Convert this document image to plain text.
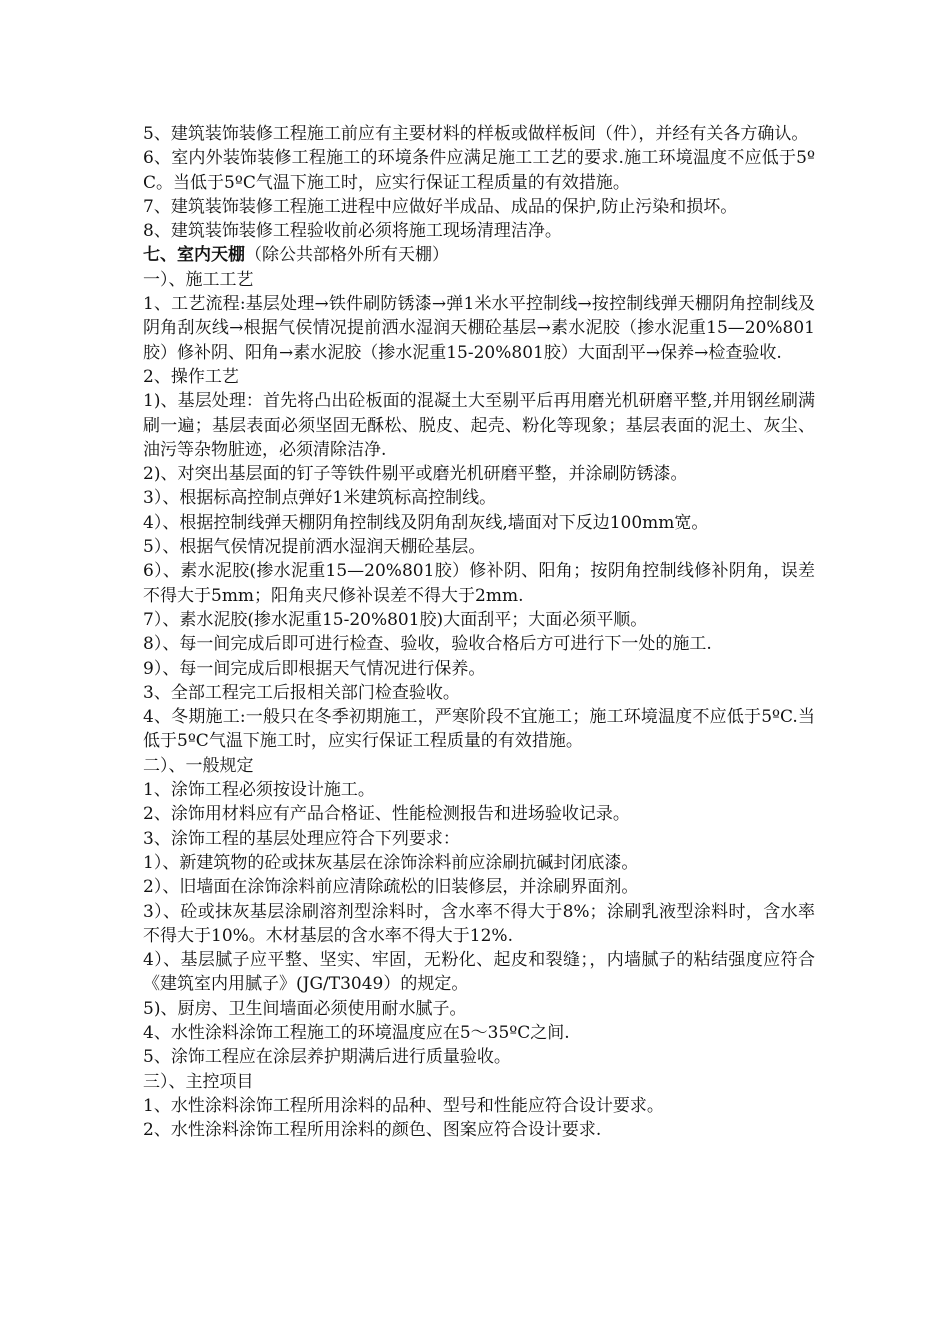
5、建筑装饰装修工程施工前应有主要材料的样板或做样板间（件），并经有关各方确认。

6、室内外装饰装修工程施工的环境条件应满足施工工艺的要求.施工环境温度不应低于5ºC。当低于5ºC气温下施工时，应实行保证工程质量的有效措施。

7、建筑装饰装修工程施工进程中应做好半成品、成品的保护,防止污染和损坏。

8、建筑装饰装修工程验收前必须将施工现场清理洁净。

七、室内天棚（除公共部格外所有天棚）

一）、施工工艺

1、工艺流程:基层处理→铁件刷防锈漆→弹1米水平控制线→按控制线弹天棚阴角控制线及阴角刮灰线→根据气侯情况提前洒水湿润天棚砼基层→素水泥胶（掺水泥重15—20%801胶）修补阴、阳角→素水泥胶（掺水泥重15-20%801胶）大面刮平→保养→检查验收.

2、操作工艺

1)、基层处理：首先将凸出砼板面的混凝土大至剔平后再用磨光机研磨平整,并用钢丝刷满刷一遍；基层表面必须坚固无酥松、脱皮、起壳、粉化等现象；基层表面的泥土、灰尘、油污等杂物脏迹，必须清除洁净.

2)、对突出基层面的钉子等铁件剔平或磨光机研磨平整，并涂刷防锈漆。

3）、根据标高控制点弹好1米建筑标高控制线。

4）、根据控制线弹天棚阴角控制线及阴角刮灰线,墙面对下反边100mm宽。

5）、根据气侯情况提前洒水湿润天棚砼基层。

6）、素水泥胶(掺水泥重15—20%801胶）修补阴、阳角；按阴角控制线修补阴角，误差不得大于5mm；阳角夹尺修补误差不得大于2mm.

7）、素水泥胶(掺水泥重15-20%801胶)大面刮平；大面必须平顺。

8）、每一间完成后即可进行检查、验收，验收合格后方可进行下一处的施工.

9）、每一间完成后即根据天气情况进行保养。

3、全部工程完工后报相关部门检查验收。

4、冬期施工:一般只在冬季初期施工，严寒阶段不宜施工；施工环境温度不应低于5ºC.当低于5ºC气温下施工时，应实行保证工程质量的有效措施。

二）、一般规定

1、涂饰工程必须按设计施工。

2、涂饰用材料应有产品合格证、性能检测报告和进场验收记录。

3、涂饰工程的基层处理应符合下列要求：

1）、新建筑物的砼或抹灰基层在涂饰涂料前应涂刷抗碱封闭底漆。

2）、旧墙面在涂饰涂料前应清除疏松的旧装修层，并涂刷界面剂。

3）、砼或抹灰基层涂刷溶剂型涂料时，含水率不得大于8%；涂刷乳液型涂料时，含水率不得大于10%。木材基层的含水率不得大于12%.

4）、基层腻子应平整、坚实、牢固，无粉化、起皮和裂缝；，内墙腻子的粘结强度应符合《建筑室内用腻子》(JG/T3049）的规定。

5)、厨房、卫生间墙面必须使用耐水腻子。

4、水性涂料涂饰工程施工的环境温度应在5～35ºC之间.

5、涂饰工程应在涂层养护期满后进行质量验收。

三）、主控项目

1、水性涂料涂饰工程所用涂料的品种、型号和性能应符合设计要求。

2、水性涂料涂饰工程所用涂料的颜色、图案应符合设计要求.
